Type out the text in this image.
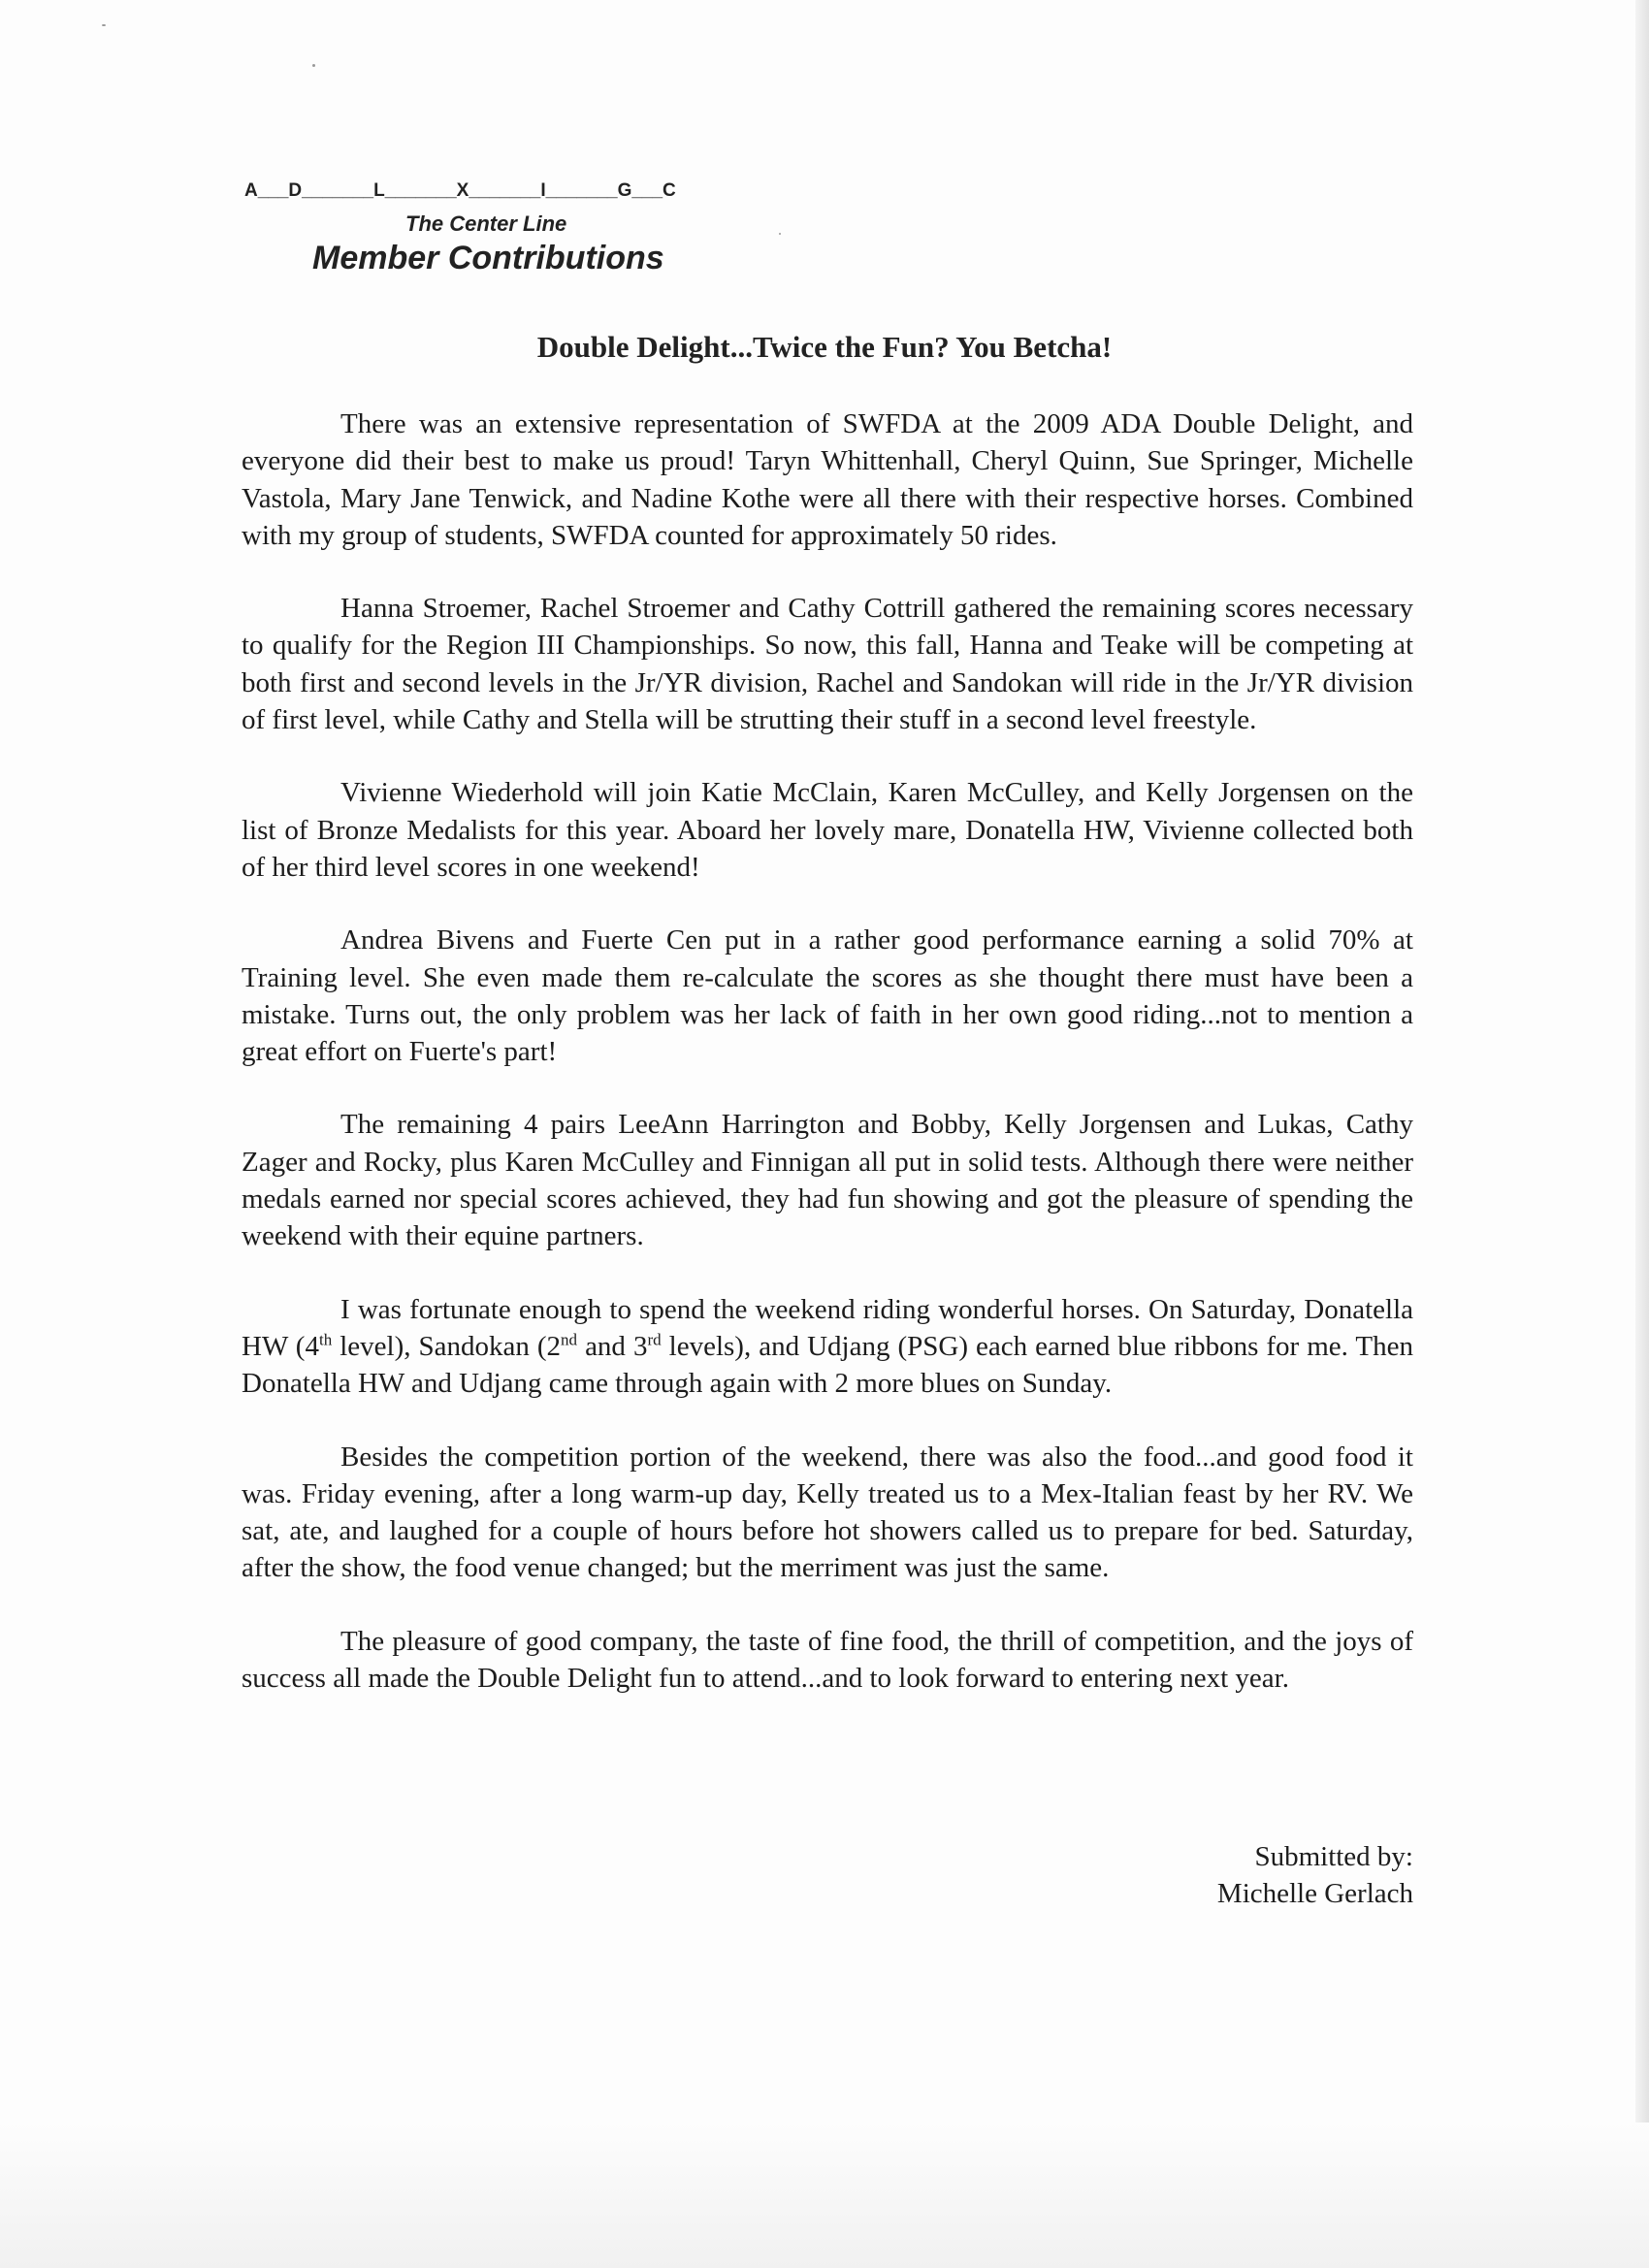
A___D_______L_______X_______I_______G___C
The Center Line
Member Contributions
Double Delight...Twice the Fun? You Betcha!

There was an extensive representation of SWFDA at the 2009 ADA Double Delight, and everyone did their best to make us proud! Taryn Whittenhall, Cheryl Quinn, Sue Springer, Michelle Vastola, Mary Jane Tenwick, and Nadine Kothe were all there with their respective horses. Combined with my group of students, SWFDA counted for approximately 50 rides.

Hanna Stroemer, Rachel Stroemer and Cathy Cottrill gathered the remaining scores necessary to qualify for the Region III Championships. So now, this fall, Hanna and Teake will be competing at both first and second levels in the Jr/YR division, Rachel and Sandokan will ride in the Jr/YR division of first level, while Cathy and Stella will be strutting their stuff in a second level freestyle.

Vivienne Wiederhold will join Katie McClain, Karen McCulley, and Kelly Jorgensen on the list of Bronze Medalists for this year. Aboard her lovely mare, Donatella HW, Vivienne collected both of her third level scores in one weekend!

Andrea Bivens and Fuerte Cen put in a rather good performance earning a solid 70% at Training level. She even made them re-calculate the scores as she thought there must have been a mistake. Turns out, the only problem was her lack of faith in her own good riding...not to mention a great effort on Fuerte's part!

The remaining 4 pairs LeeAnn Harrington and Bobby, Kelly Jorgensen and Lukas, Cathy Zager and Rocky, plus Karen McCulley and Finnigan all put in solid tests. Although there were neither medals earned nor special scores achieved, they had fun showing and got the pleasure of spending the weekend with their equine partners.

I was fortunate enough to spend the weekend riding wonderful horses. On Saturday, Donatella HW (4th level), Sandokan (2nd and 3rd levels), and Udjang (PSG) each earned blue ribbons for me. Then Donatella HW and Udjang came through again with 2 more blues on Sunday.

Besides the competition portion of the weekend, there was also the food...and good food it was. Friday evening, after a long warm-up day, Kelly treated us to a Mex-Italian feast by her RV. We sat, ate, and laughed for a couple of hours before hot showers called us to prepare for bed. Saturday, after the show, the food venue changed; but the merriment was just the same.

The pleasure of good company, the taste of fine food, the thrill of competition, and the joys of success all made the Double Delight fun to attend...and to look forward to entering next year.

Submitted by:
Michelle Gerlach
